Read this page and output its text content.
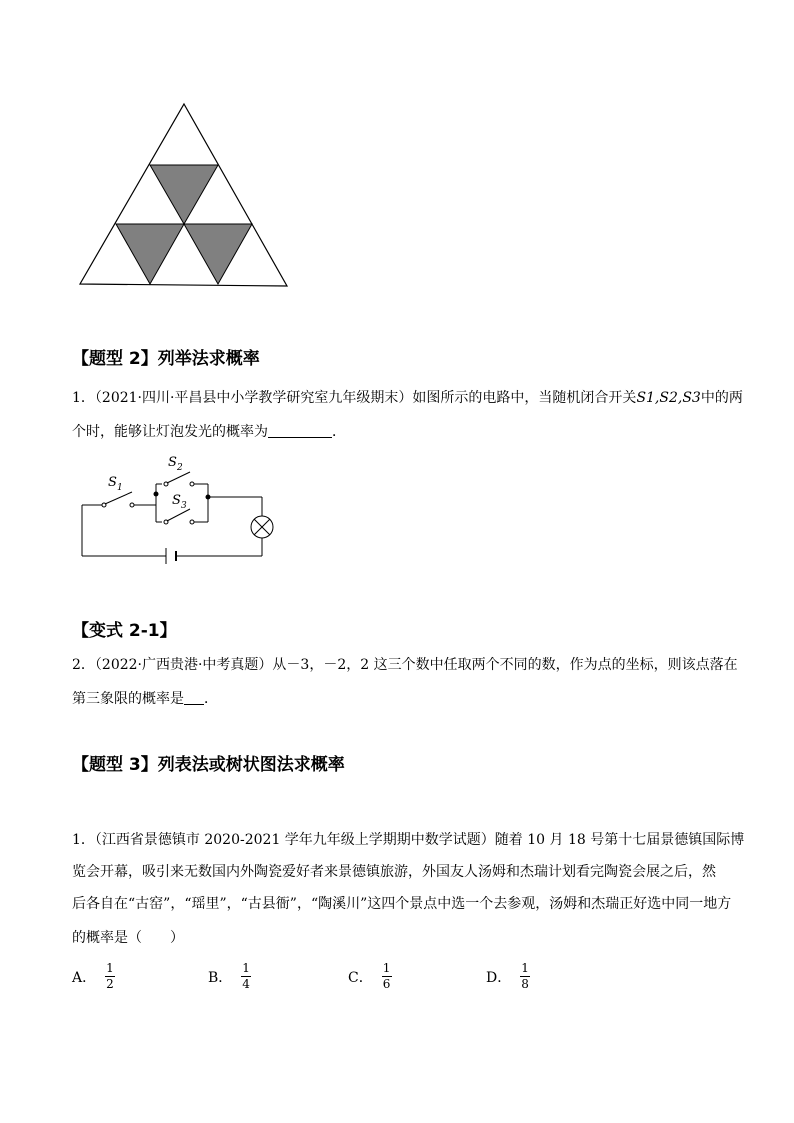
【题型 2】列举法求概率
1．（2021·四川·平昌县中小学教学研究室九年级期末）如图所示的电路中，当随机闭合开关S1,S2,S3中的两
个时，能够让灯泡发光的概率为	．
S 1
S 2
S 3
【变式 2-1】
2．（2022·广西贵港·中考真题）从－3，－2，2 这三个数中任取两个不同的数，作为点的坐标，则该点落在
第三象限的概率是 ．
【题型 3】列表法或树状图法求概率
1．（江西省景德镇市 2020-2021 学年九年级上学期期中数学试题）随着 10 月 18 号第十七届景德镇国际博
览会开幕，吸引来无数国内外陶瓷爱好者来景德镇旅游，外国友人汤姆和杰瑞计划看完陶瓷会展之后，然
后各自在“古窑”，“瑶里”，“古县衙”，“陶溪川”这四个景点中选一个去参观，汤姆和杰瑞正好选中同一地方
的概率是（　　）
A． $\frac{1}{2}$	B． $\frac{1}{4}$	C． $\frac{1}{6}$	D． $\frac{1}{8}$
